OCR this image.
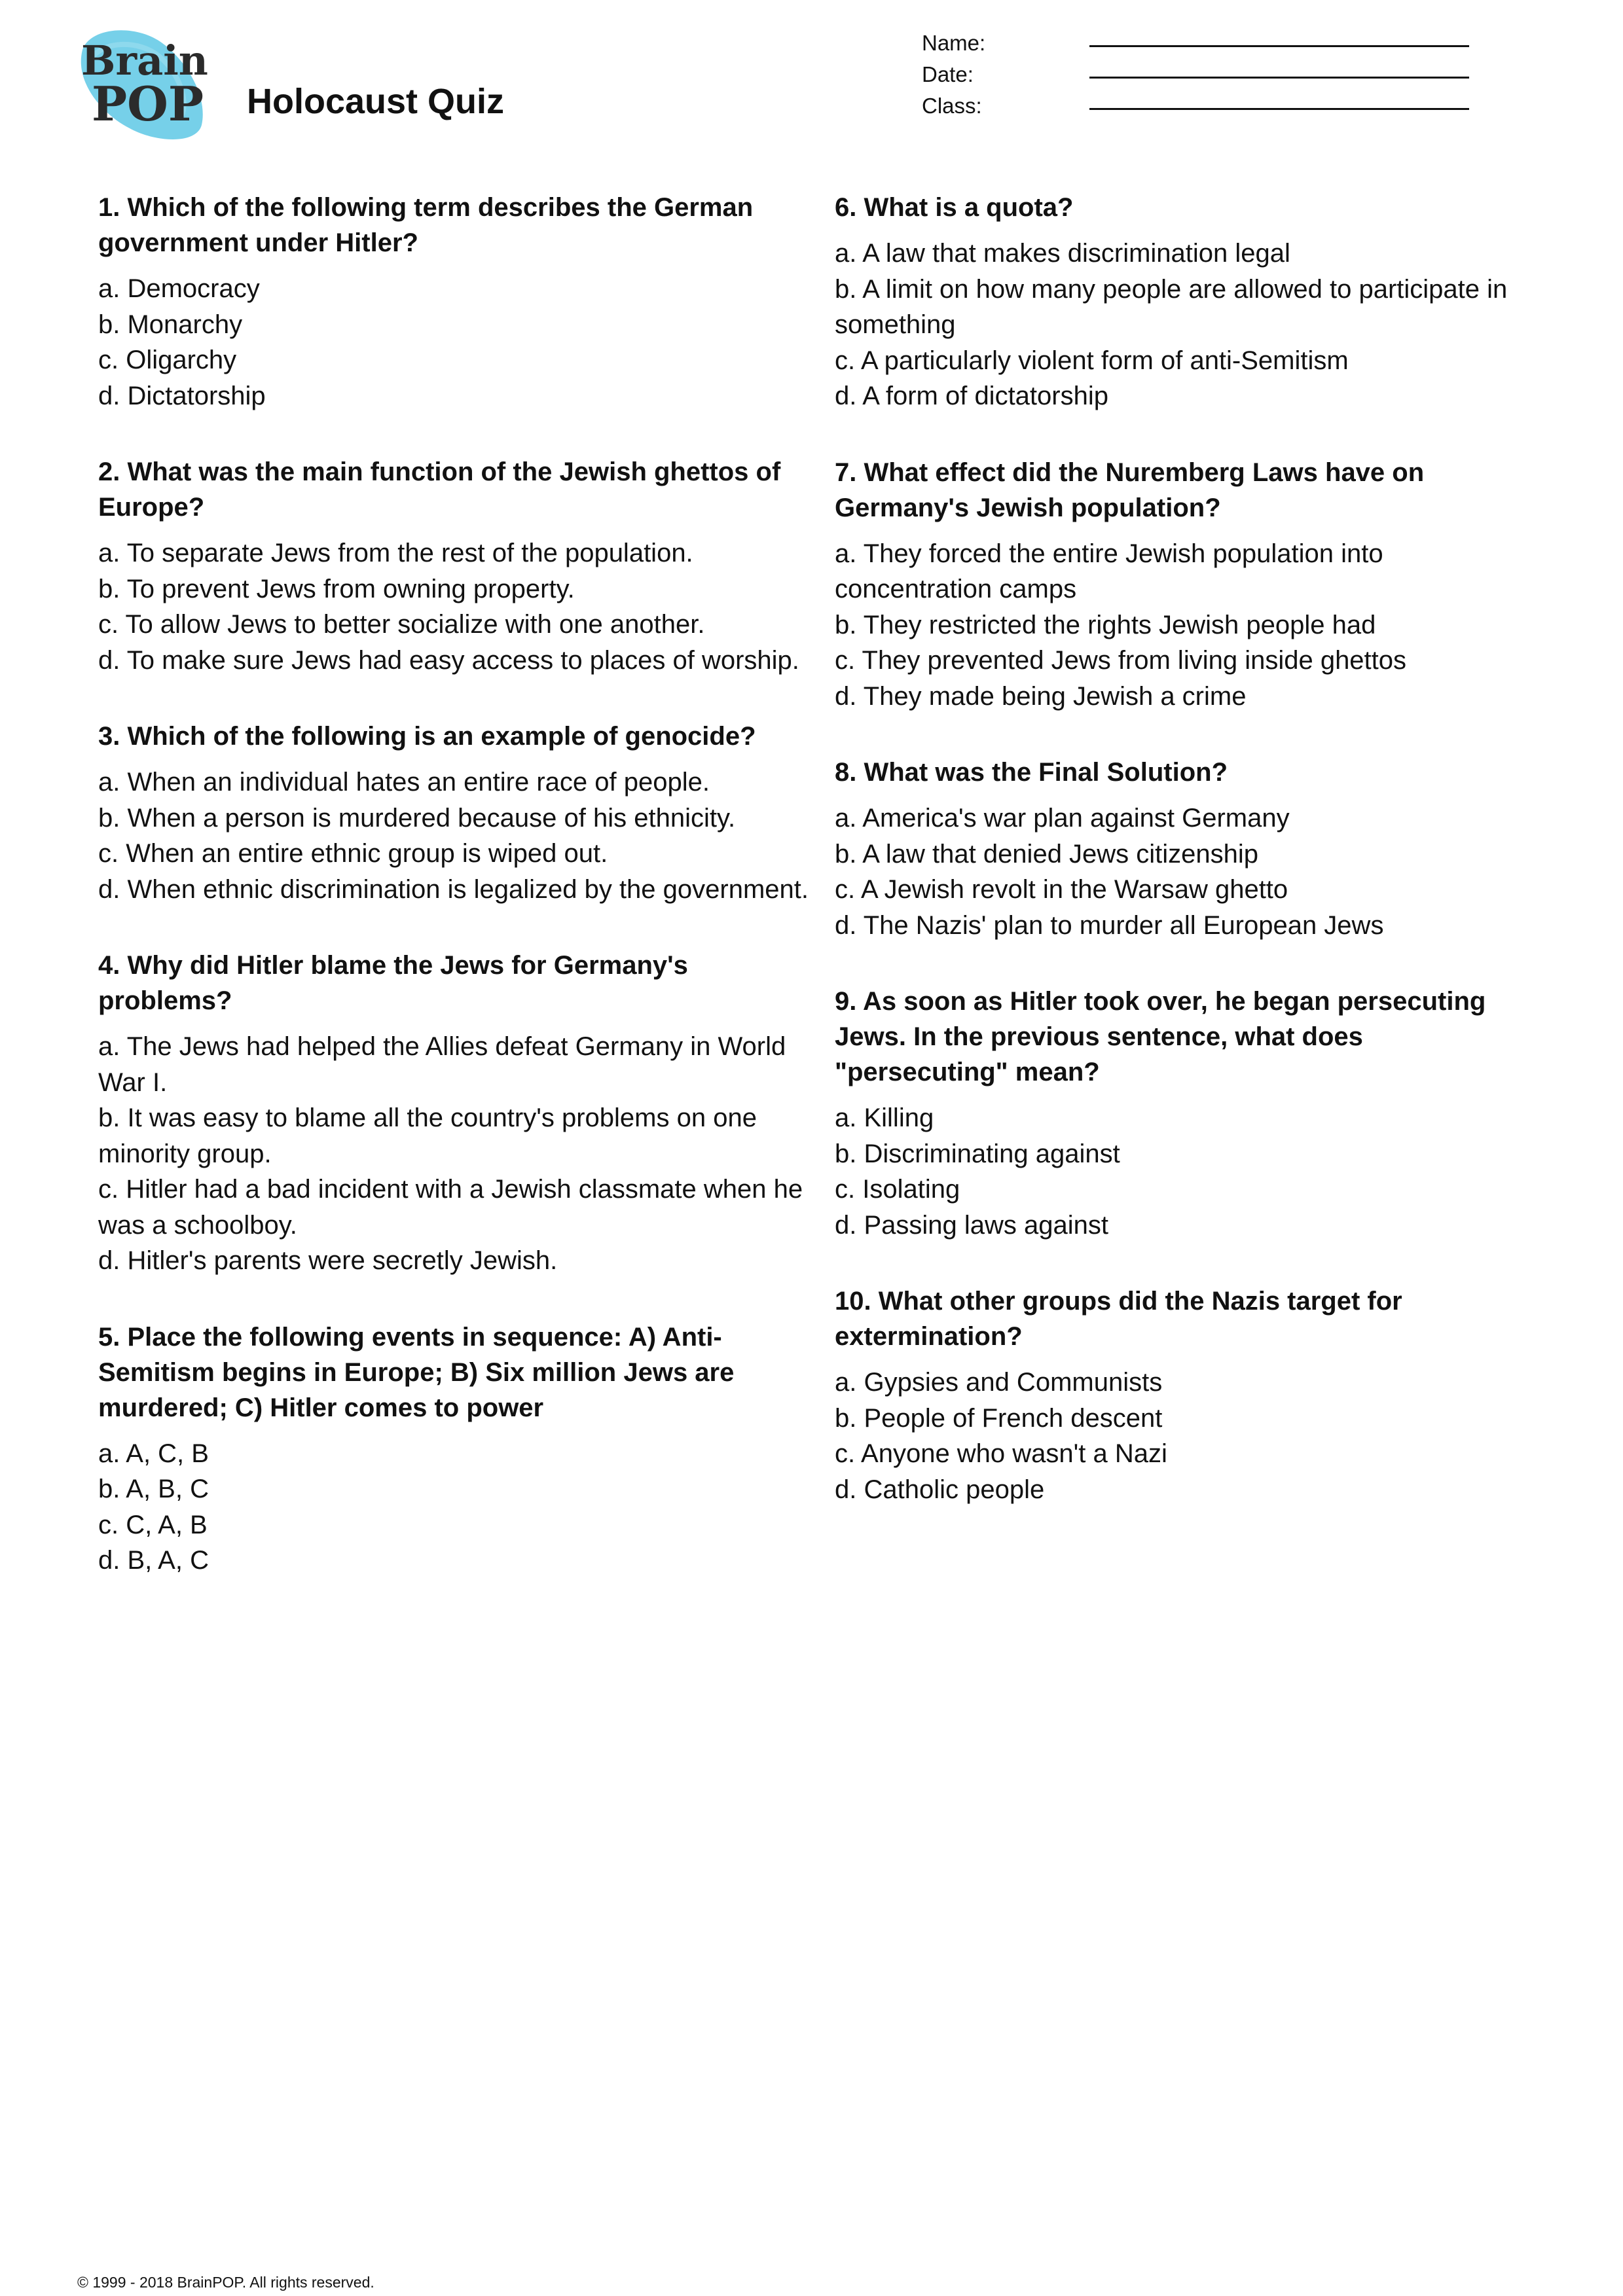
Brain
POP Holocaust Quiz
Name:
Date:
Class:

1. Which of the following term describes the German government under Hitler?

a. Democracy

b. Monarchy

c. Oligarchy

d. Dictatorship

2. What was the main function of the Jewish ghettos of Europe?

a. To separate Jews from the rest of the population.

b. To prevent Jews from owning property.

c. To allow Jews to better socialize with one another.

d. To make sure Jews had easy access to places of worship.

3. Which of the following is an example of genocide?

a. When an individual hates an entire race of people.

b. When a person is murdered because of his ethnicity.

c. When an entire ethnic group is wiped out.

d. When ethnic discrimination is legalized by the government.

4. Why did Hitler blame the Jews for Germany's problems?

a. The Jews had helped the Allies defeat Germany in World War I.

b. It was easy to blame all the country's problems on one minority group.

c. Hitler had a bad incident with a Jewish classmate when he was a schoolboy.

d. Hitler's parents were secretly Jewish.

5. Place the following events in sequence: A) Anti-Semitism begins in Europe; B) Six million Jews are murdered; C) Hitler comes to power

a. A, C, B

b. A, B, C

c. C, A, B

d. B, A, C

6. What is a quota?

a. A law that makes discrimination legal

b. A limit on how many people are allowed to participate in something

c. A particularly violent form of anti-Semitism

d. A form of dictatorship

7. What effect did the Nuremberg Laws have on Germany's Jewish population?

a. They forced the entire Jewish population into concentration camps

b. They restricted the rights Jewish people had

c. They prevented Jews from living inside ghettos

d. They made being Jewish a crime

8. What was the Final Solution?

a. America's war plan against Germany

b. A law that denied Jews citizenship

c. A Jewish revolt in the Warsaw ghetto

d. The Nazis' plan to murder all European Jews

9. As soon as Hitler took over, he began persecuting Jews. In the previous sentence, what does "persecuting" mean?

a. Killing

b. Discriminating against

c. Isolating

d. Passing laws against

10. What other groups did the Nazis target for extermination?

a. Gypsies and Communists

b. People of French descent

c. Anyone who wasn't a Nazi

d. Catholic people

© 1999 - 2018 BrainPOP. All rights reserved.
